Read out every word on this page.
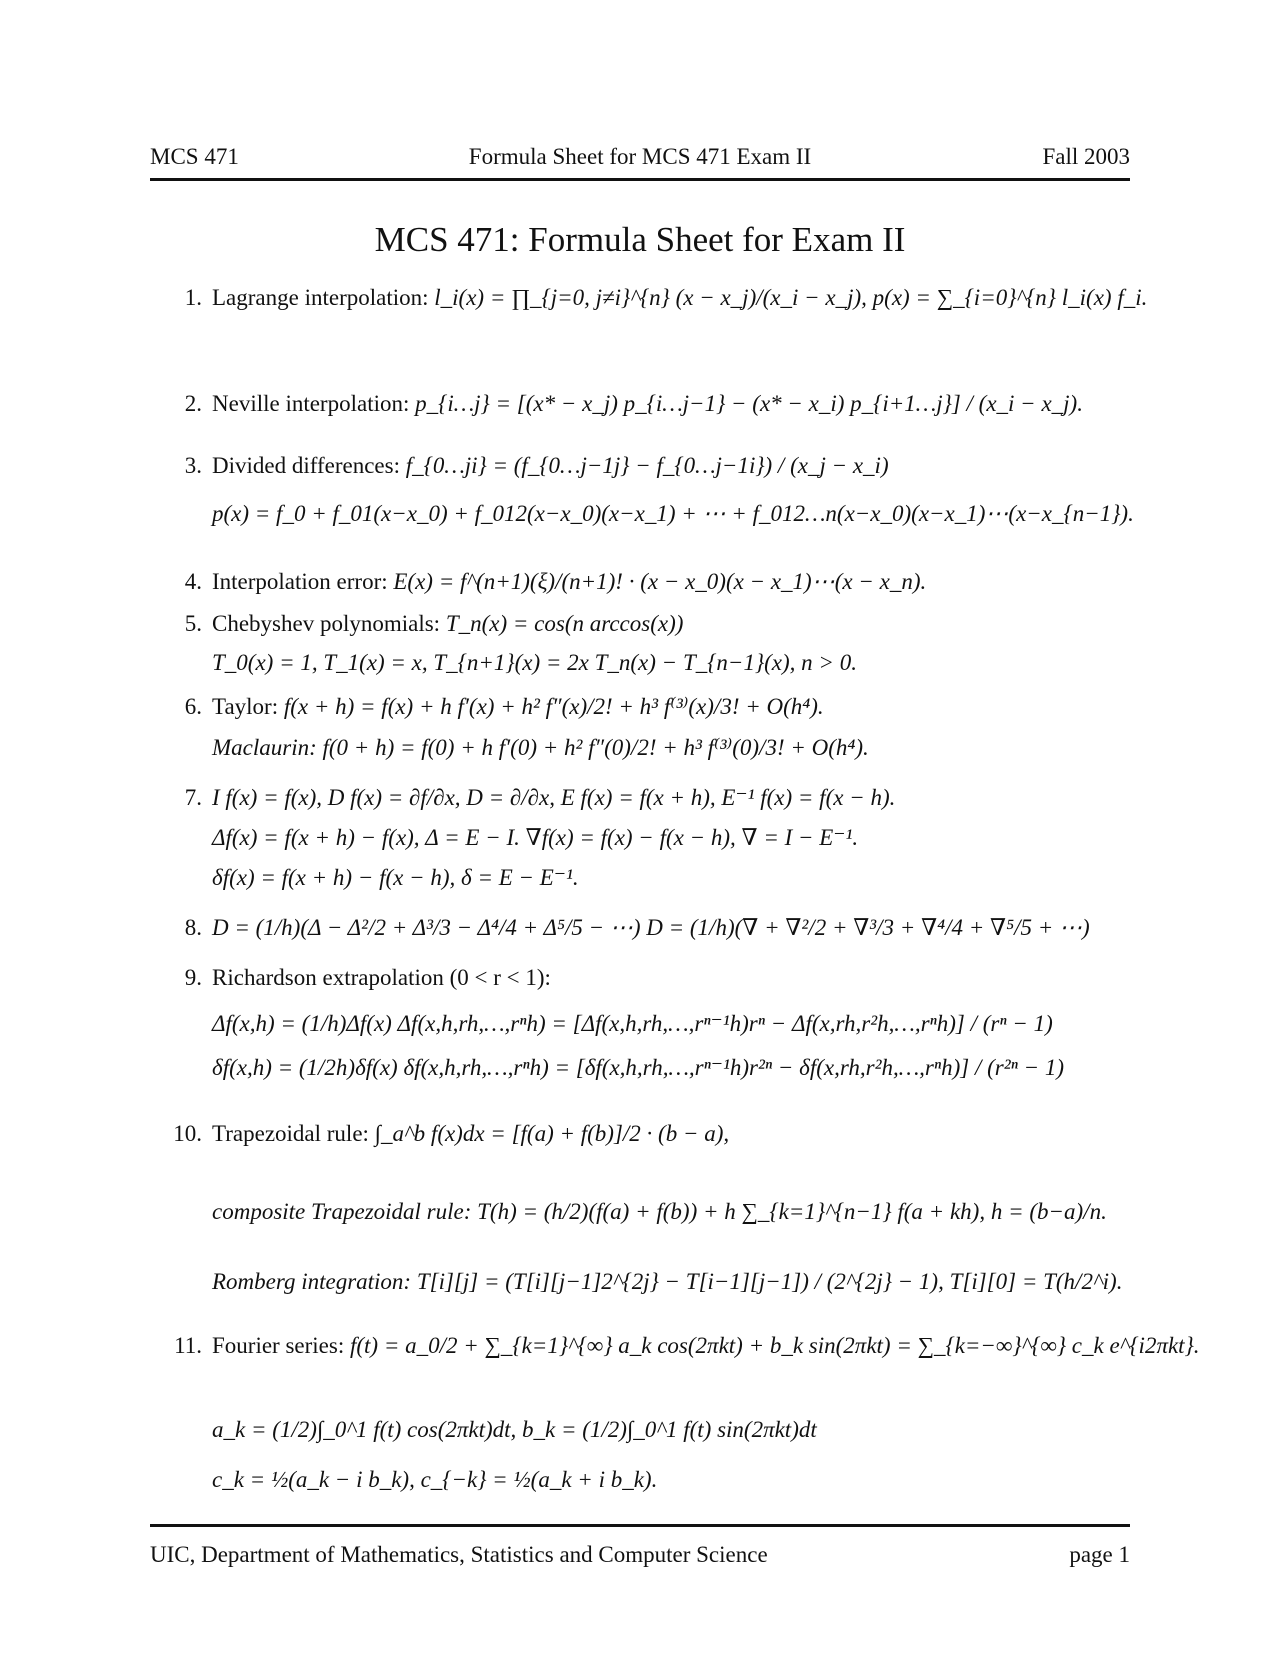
MCS 471	Formula Sheet for MCS 471 Exam II	Fall 2003
MCS 471: Formula Sheet for Exam II
1. Lagrange interpolation: l_i(x) = ∏_{j=0, j≠i}^{n} (x − x_j)/(x_i − x_j), p(x) = ∑_{i=0}^{n} l_i(x) f_i.
2. Neville interpolation: p_{i…j} = [(x* − x_j) p_{i…j−1} − (x* − x_i) p_{i+1…j}] / (x_i − x_j).
3. Divided differences: f_{0…ji} = (f_{0…j−1j} − f_{0…j−1i}) / (x_j − x_i)
p(x) = f_0 + f_01(x−x_0) + f_012(x−x_0)(x−x_1) + ⋯ + f_012…n(x−x_0)(x−x_1)⋯(x−x_{n−1}).
4. Interpolation error: E(x) = f^(n+1)(ξ)/(n+1)! · (x − x_0)(x − x_1)⋯(x − x_n).
5. Chebyshev polynomials: T_n(x) = cos(n arccos(x))
T_0(x) = 1, T_1(x) = x, T_{n+1}(x) = 2x T_n(x) − T_{n−1}(x), n > 0.
6. Taylor: f(x + h) = f(x) + h f′(x) + h² f″(x)/2! + h³ f⁽³⁾(x)/3! + O(h⁴).
Maclaurin: f(0 + h) = f(0) + h f′(0) + h² f″(0)/2! + h³ f⁽³⁾(0)/3! + O(h⁴).
7. I f(x) = f(x), D f(x) = ∂f/∂x, D = ∂/∂x, E f(x) = f(x + h), E⁻¹ f(x) = f(x − h).
Δf(x) = f(x + h) − f(x), Δ = E − I. ∇f(x) = f(x) − f(x − h), ∇ = I − E⁻¹.
δf(x) = f(x + h) − f(x − h), δ = E − E⁻¹.
8. D = (1/h)(Δ − Δ²/2 + Δ³/3 − Δ⁴/4 + Δ⁵/5 − ⋯) D = (1/h)(∇ + ∇²/2 + ∇³/3 + ∇⁴/4 + ∇⁵/5 + ⋯)
9. Richardson extrapolation (0 < r < 1):
Δf(x,h) = (1/h)Δf(x) Δf(x,h,rh,…,rⁿh) = [Δf(x,h,rh,…,rⁿ⁻¹h)rⁿ − Δf(x,rh,r²h,…,rⁿh)] / (rⁿ − 1)
δf(x,h) = (1/2h)δf(x) δf(x,h,rh,…,rⁿh) = [δf(x,h,rh,…,rⁿ⁻¹h)r²ⁿ − δf(x,rh,r²h,…,rⁿh)] / (r²ⁿ − 1)
10. Trapezoidal rule: ∫_a^b f(x)dx = [f(a) + f(b)]/2 · (b − a),
composite Trapezoidal rule: T(h) = (h/2)(f(a) + f(b)) + h ∑_{k=1}^{n−1} f(a + kh), h = (b−a)/n.
Romberg integration: T[i][j] = (T[i][j−1]2^{2j} − T[i−1][j−1]) / (2^{2j} − 1), T[i][0] = T(h/2^i).
11. Fourier series: f(t) = a_0/2 + ∑_{k=1}^{∞} a_k cos(2πkt) + b_k sin(2πkt) = ∑_{k=−∞}^{∞} c_k e^{i2πkt}.
a_k = (1/2)∫_0^1 f(t) cos(2πkt)dt, b_k = (1/2)∫_0^1 f(t) sin(2πkt)dt
c_k = ½(a_k − i b_k), c_{−k} = ½(a_k + i b_k).
UIC, Department of Mathematics, Statistics and Computer Science	page 1
